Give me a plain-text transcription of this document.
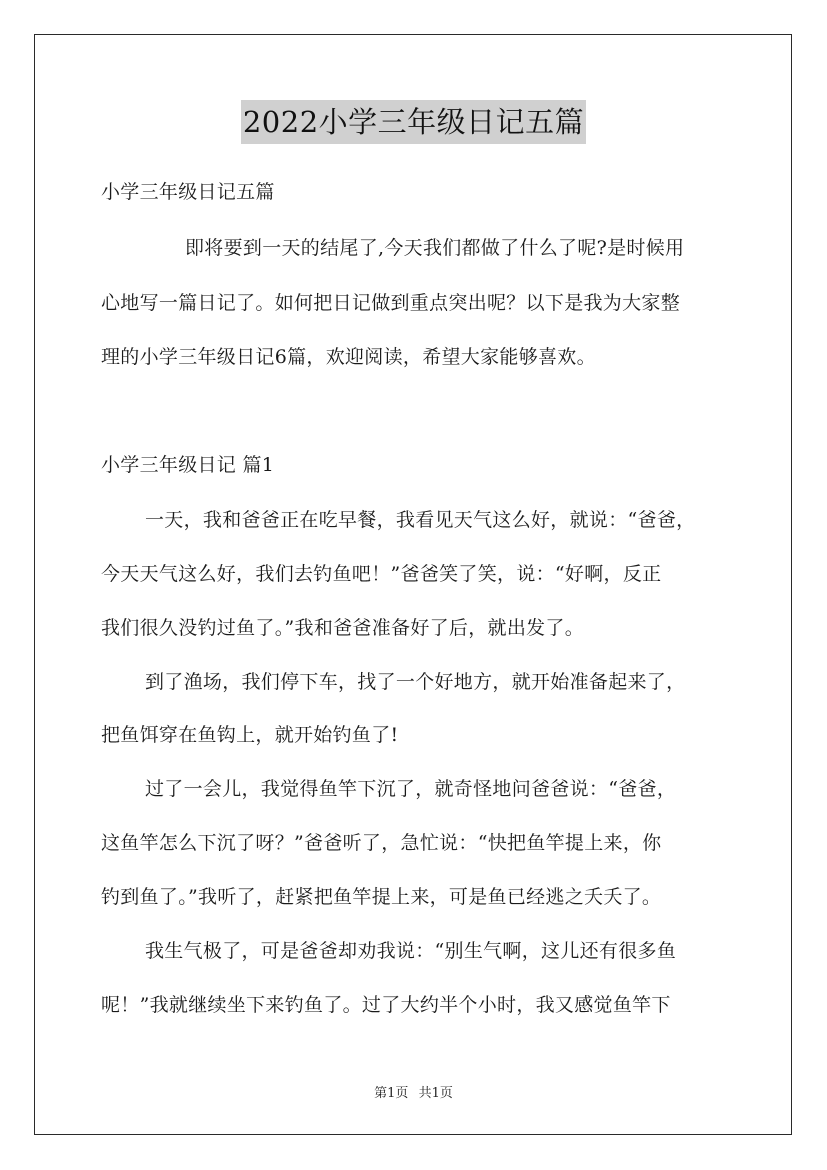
2022小学三年级日记五篇
小学三年级日记五篇
即将要到一天的结尾了,今天我们都做了什么了呢?是时候用
心地写一篇日记了。如何把日记做到重点突出呢？以下是我为大家整
理的小学三年级日记6篇，欢迎阅读，希望大家能够喜欢。
小学三年级日记 篇1
一天，我和爸爸正在吃早餐，我看见天气这么好，就说：“爸爸，
今天天气这么好，我们去钓鱼吧！”爸爸笑了笑，说：“好啊，反正
我们很久没钓过鱼了。”我和爸爸准备好了后，就出发了。
到了渔场，我们停下车，找了一个好地方，就开始准备起来了，
把鱼饵穿在鱼钩上，就开始钓鱼了!
过了一会儿，我觉得鱼竿下沉了，就奇怪地问爸爸说：“爸爸，
这鱼竿怎么下沉了呀？”爸爸听了，急忙说：“快把鱼竿提上来，你
钓到鱼了。”我听了，赶紧把鱼竿提上来，可是鱼已经逃之夭夭了。
我生气极了，可是爸爸却劝我说：“别生气啊，这儿还有很多鱼
呢！”我就继续坐下来钓鱼了。过了大约半个小时，我又感觉鱼竿下
第1页 共1页
